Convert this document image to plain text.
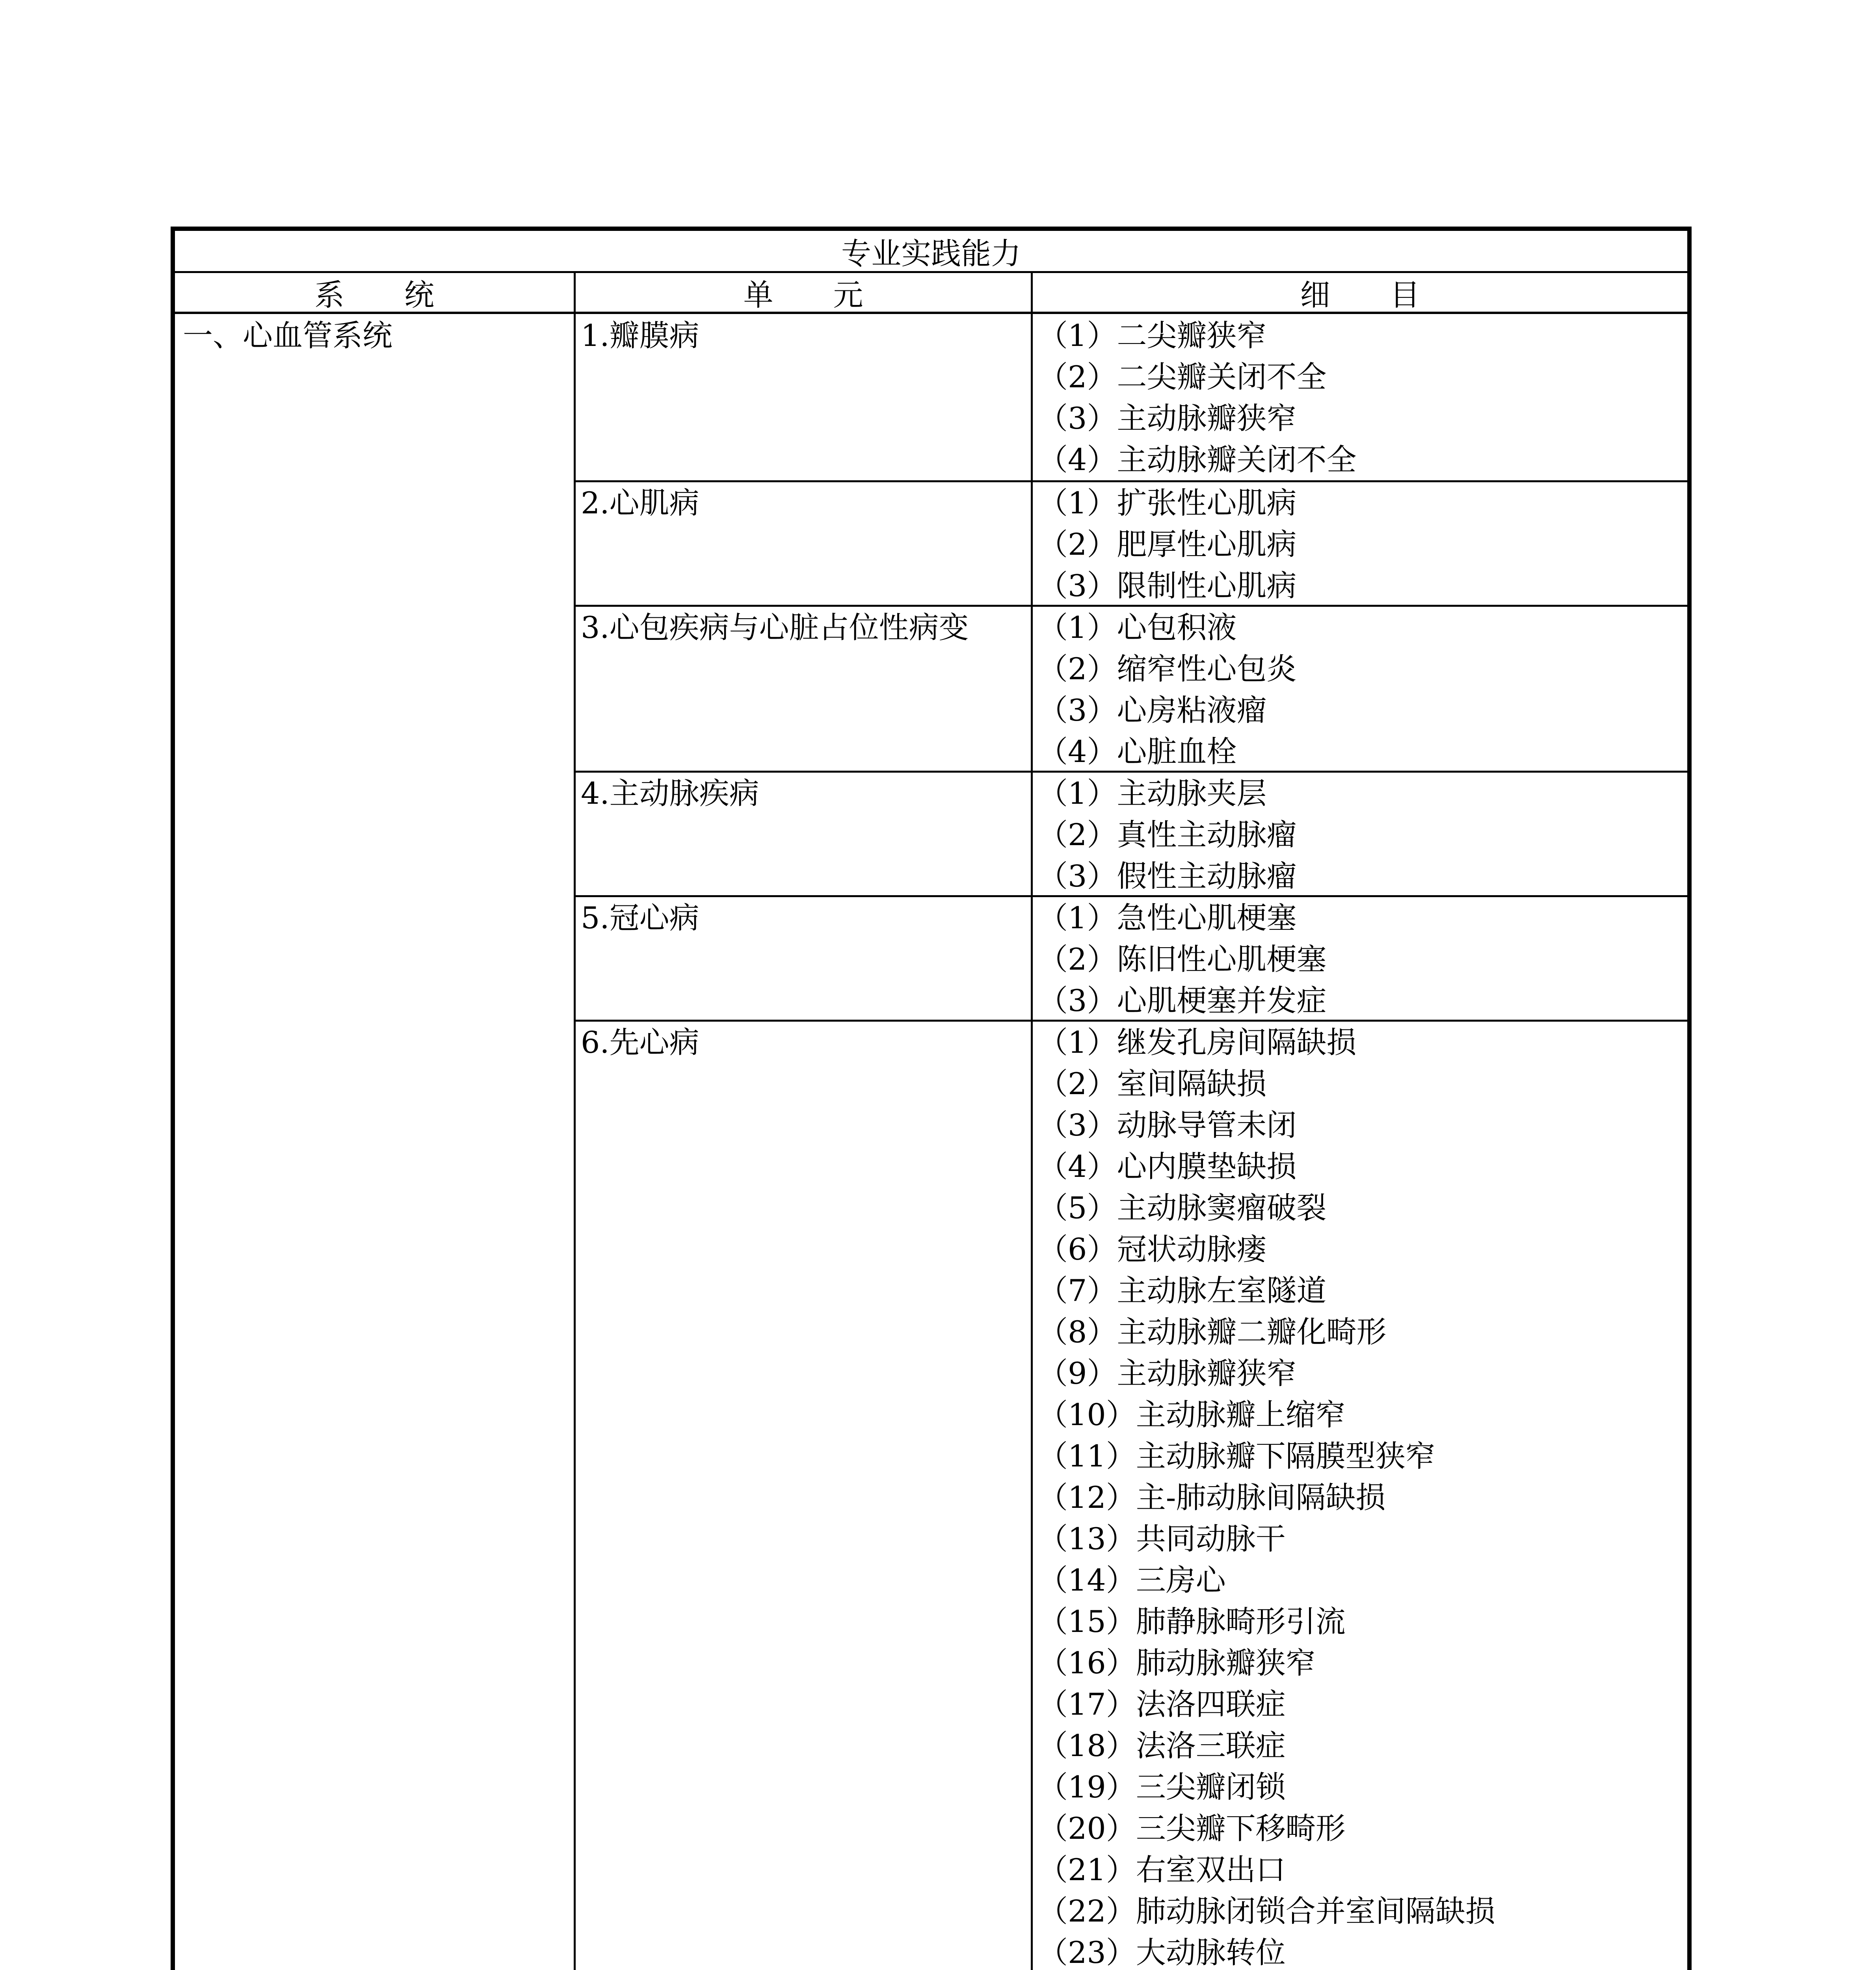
专业实践能力
系　　统	单　　元	细　　目
一、心血管系统	1.瓣膜病	（1）二尖瓣狭窄
（2）二尖瓣关闭不全
（3）主动脉瓣狭窄
（4）主动脉瓣关闭不全
2.心肌病	（1）扩张性心肌病
（2）肥厚性心肌病
（3）限制性心肌病
3.心包疾病与心脏占位性病变 （1）心包积液
（2）缩窄性心包炎
（3）心房粘液瘤
（4）心脏血栓
4.主动脉疾病	（1）主动脉夹层
（2）真性主动脉瘤
（3）假性主动脉瘤
5.冠心病	（1）急性心肌梗塞
（2）陈旧性心肌梗塞
（3）心肌梗塞并发症
6.先心病	（1）继发孔房间隔缺损
（2）室间隔缺损
（3）动脉导管未闭
（4）心内膜垫缺损
（5）主动脉窦瘤破裂
（6）冠状动脉瘘
（7）主动脉左室隧道
（8）主动脉瓣二瓣化畸形
（9）主动脉瓣狭窄
（10）主动脉瓣上缩窄
（11）主动脉瓣下隔膜型狭窄
（12）主-肺动脉间隔缺损
（13）共同动脉干
（14）三房心
（15）肺静脉畸形引流
（16）肺动脉瓣狭窄
（17）法洛四联症
（18）法洛三联症
（19）三尖瓣闭锁
（20）三尖瓣下移畸形
（21）右室双出口
（22）肺动脉闭锁合并室间隔缺损
（23）大动脉转位
